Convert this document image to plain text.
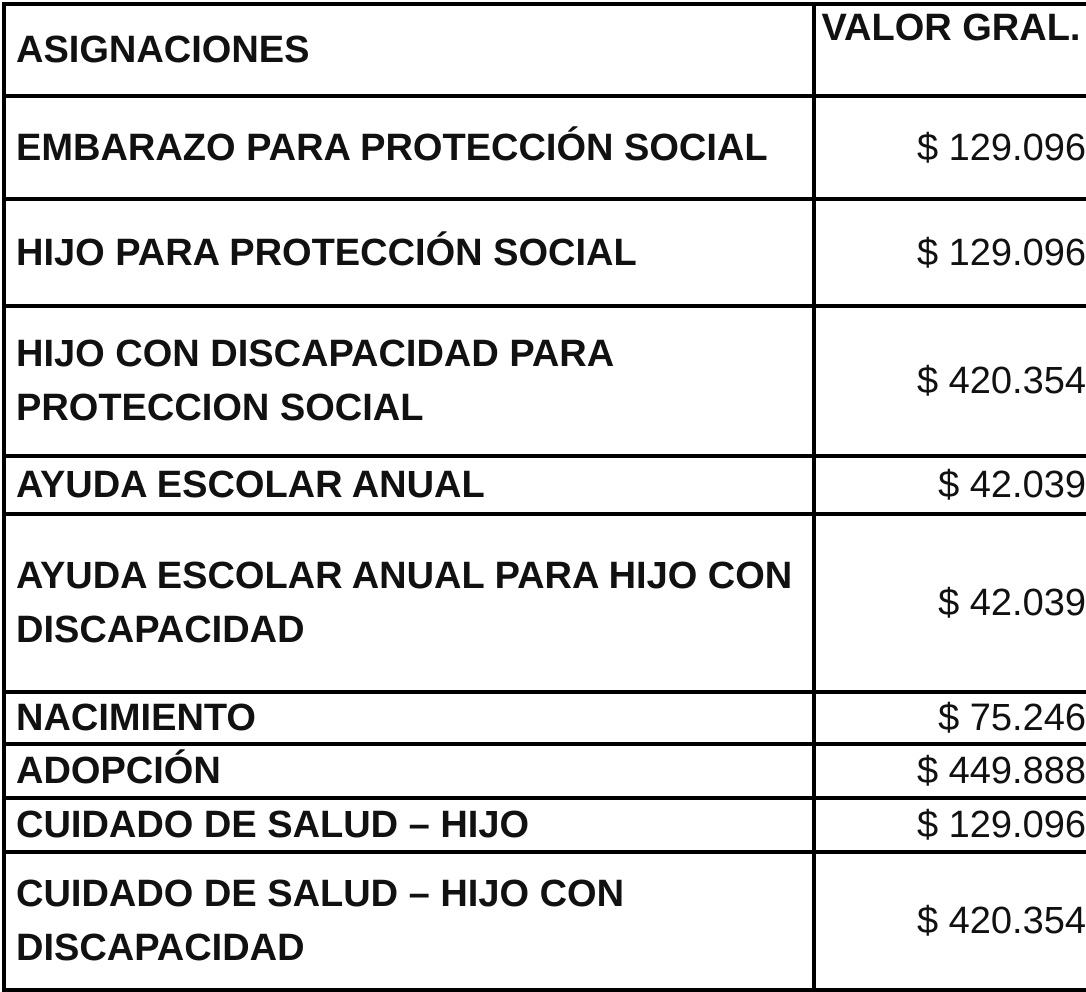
ASIGNACIONES	VALOR GRAL.
EMBARAZO PARA PROTECCIÓN SOCIAL	$ 129.096
HIJO PARA PROTECCIÓN SOCIAL	$ 129.096
HIJO CON DISCAPACIDAD PARA PROTECCION SOCIAL	$ 420.354
AYUDA ESCOLAR ANUAL	$ 42.039
AYUDA ESCOLAR ANUAL PARA HIJO CON DISCAPACIDAD	$ 42.039
NACIMIENTO	$ 75.246
ADOPCIÓN	$ 449.888
CUIDADO DE SALUD – HIJO	$ 129.096
CUIDADO DE SALUD – HIJO CON DISCAPACIDAD	$ 420.354
